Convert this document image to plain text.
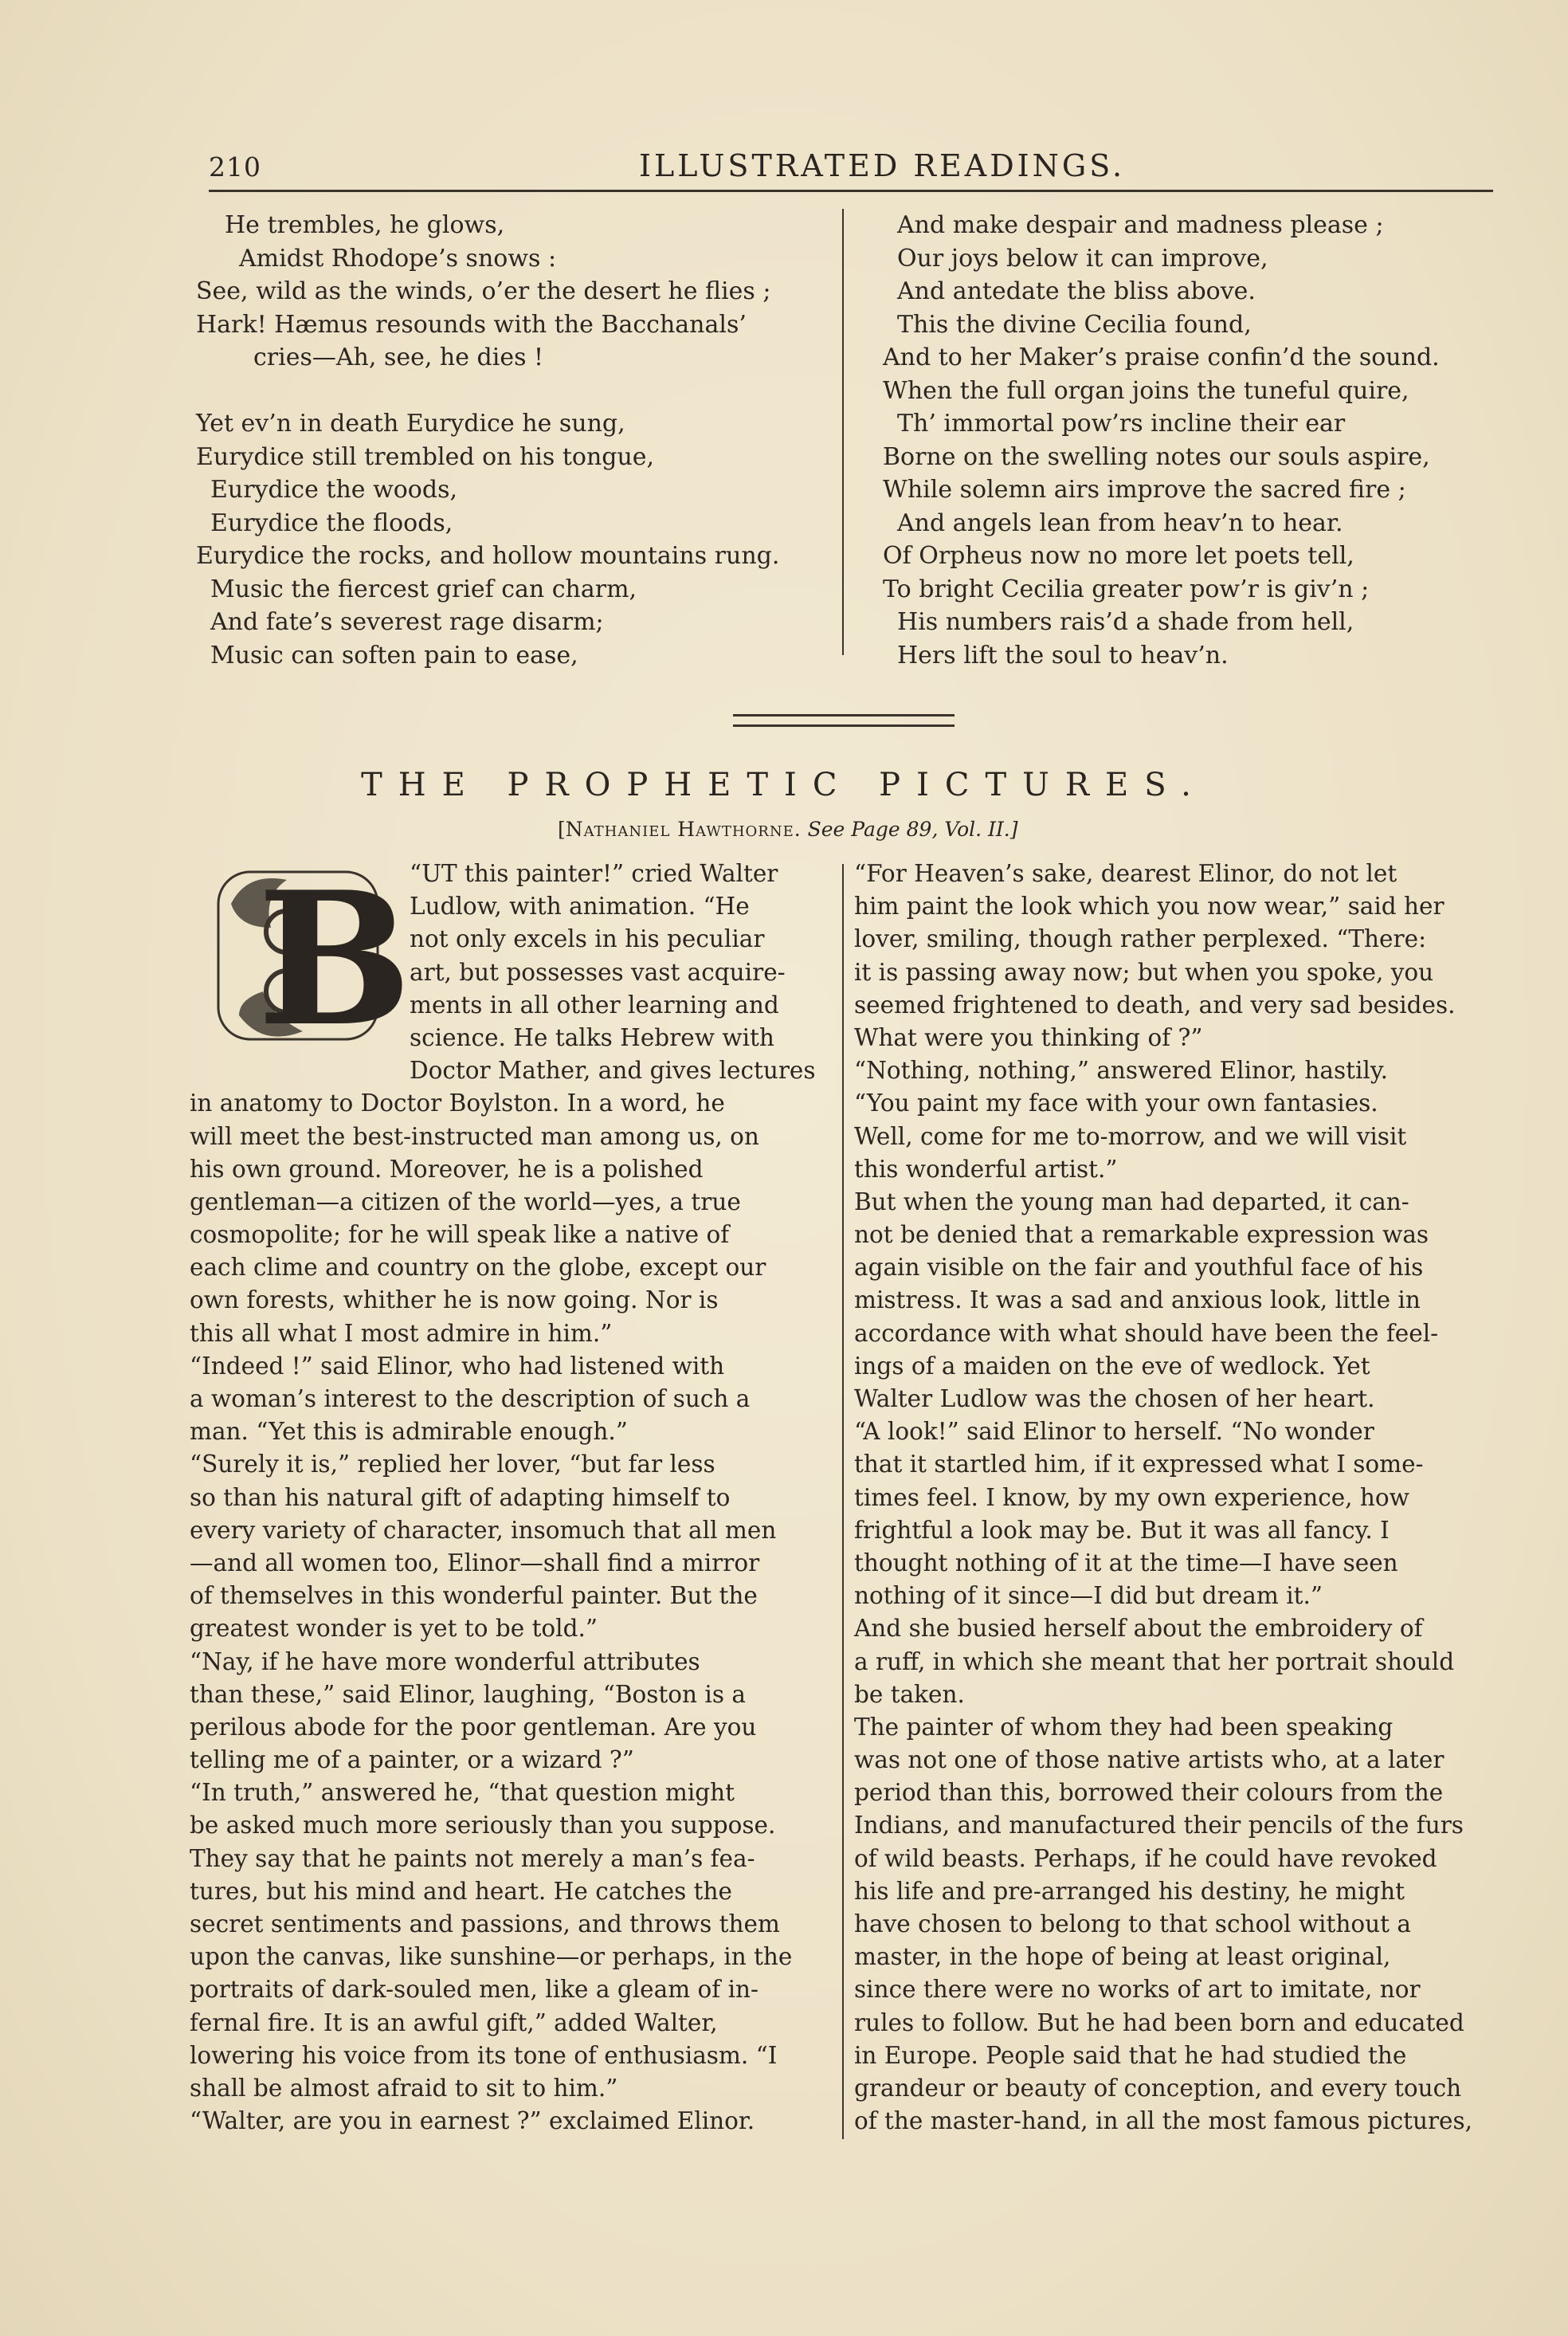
210	ILLUSTRATED READINGS.
He trembles, he glows,
Amidst Rhodope’s snows :
See, wild as the winds, o’er the desert he flies ;
Hark! Hæmus resounds with the Bacchanals’
cries—Ah, see, he dies !
Yet ev’n in death Eurydice he sung,
Eurydice still trembled on his tongue,
Eurydice the woods,
Eurydice the floods,
Eurydice the rocks, and hollow mountains rung.
Music the fiercest grief can charm,
And fate’s severest rage disarm;
Music can soften pain to ease,
And make despair and madness please ;
Our joys below it can improve,
And antedate the bliss above.
This the divine Cecilia found,
And to her Maker’s praise confin’d the sound.
When the full organ joins the tuneful quire,
Th’ immortal pow’rs incline their ear
Borne on the swelling notes our souls aspire,
While solemn airs improve the sacred fire ;
And angels lean from heav’n to hear.
Of Orpheus now no more let poets tell,
To bright Cecilia greater pow’r is giv’n ;
His numbers rais’d a shade from hell,
Hers lift the soul to heav’n.
THE PROPHETIC PICTURES.
[Nathaniel Hawthorne. See Page 89, Vol. II.]
B
“UT this painter!” cried Walter
Ludlow, with animation. “He
not only excels in his peculiar
art, but possesses vast acquire-
ments in all other learning and
science. He talks Hebrew with
Doctor Mather, and gives lectures
in anatomy to Doctor Boylston. In a word, he
will meet the best-instructed man among us, on
his own ground. Moreover, he is a polished
gentleman—a citizen of the world—yes, a true
cosmopolite; for he will speak like a native of
each clime and country on the globe, except our
own forests, whither he is now going. Nor is
this all what I most admire in him.”
“Indeed !” said Elinor, who had listened with
a woman’s interest to the description of such a
man. “Yet this is admirable enough.”
“Surely it is,” replied her lover, “but far less
so than his natural gift of adapting himself to
every variety of character, insomuch that all men
—and all women too, Elinor—shall find a mirror
of themselves in this wonderful painter. But the
greatest wonder is yet to be told.”
“Nay, if he have more wonderful attributes
than these,” said Elinor, laughing, “Boston is a
perilous abode for the poor gentleman. Are you
telling me of a painter, or a wizard ?”
“In truth,” answered he, “that question might
be asked much more seriously than you suppose.
They say that he paints not merely a man’s fea-
tures, but his mind and heart. He catches the
secret sentiments and passions, and throws them
upon the canvas, like sunshine—or perhaps, in the
portraits of dark-souled men, like a gleam of in-
fernal fire. It is an awful gift,” added Walter,
lowering his voice from its tone of enthusiasm. “I
shall be almost afraid to sit to him.”
“Walter, are you in earnest ?” exclaimed Elinor.
“For Heaven’s sake, dearest Elinor, do not let
him paint the look which you now wear,” said her
lover, smiling, though rather perplexed. “There:
it is passing away now; but when you spoke, you
seemed frightened to death, and very sad besides.
What were you thinking of ?”
“Nothing, nothing,” answered Elinor, hastily.
“You paint my face with your own fantasies.
Well, come for me to-morrow, and we will visit
this wonderful artist.”
But when the young man had departed, it can-
not be denied that a remarkable expression was
again visible on the fair and youthful face of his
mistress. It was a sad and anxious look, little in
accordance with what should have been the feel-
ings of a maiden on the eve of wedlock. Yet
Walter Ludlow was the chosen of her heart.
“A look!” said Elinor to herself. “No wonder
that it startled him, if it expressed what I some-
times feel. I know, by my own experience, how
frightful a look may be. But it was all fancy. I
thought nothing of it at the time—I have seen
nothing of it since—I did but dream it.”
And she busied herself about the embroidery of
a ruff, in which she meant that her portrait should
be taken.
The painter of whom they had been speaking
was not one of those native artists who, at a later
period than this, borrowed their colours from the
Indians, and manufactured their pencils of the furs
of wild beasts. Perhaps, if he could have revoked
his life and pre-arranged his destiny, he might
have chosen to belong to that school without a
master, in the hope of being at least original,
since there were no works of art to imitate, nor
rules to follow. But he had been born and educated
in Europe. People said that he had studied the
grandeur or beauty of conception, and every touch
of the master-hand, in all the most famous pictures,
